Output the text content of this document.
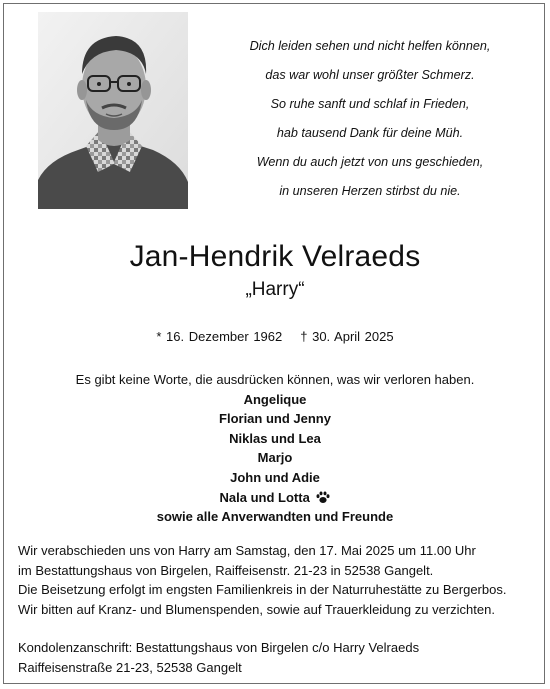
Dich leiden sehen und nicht helfen können,
das war wohl unser größter Schmerz.
So ruhe sanft und schlaf in Frieden,
hab tausend Dank für deine Müh.
Wenn du auch jetzt von uns geschieden,
in unseren Herzen stirbst du nie.
Jan-Hendrik Velraeds
„Harry“
* 16. Dezember 1962 † 30. April 2025
Es gibt keine Worte, die ausdrücken können, was wir verloren haben.
Angelique
Florian und Jenny
Niklas und Lea
Marjo
John und Adie
Nala und Lotta
sowie alle Anverwandten und Freunde
Wir verabschieden uns von Harry am Samstag, den 17. Mai 2025 um 11.00 Uhr
im Bestattungshaus von Birgelen, Raiffeisenstr. 21-23 in 52538 Gangelt.
Die Beisetzung erfolgt im engsten Familienkreis in der Naturruhestätte zu Bergerbos.
Wir bitten auf Kranz- und Blumenspenden, sowie auf Trauerkleidung zu verzichten.
Kondolenzanschrift: Bestattungshaus von Birgelen c/o Harry Velraeds
Raiffeisenstraße 21-23, 52538 Gangelt
